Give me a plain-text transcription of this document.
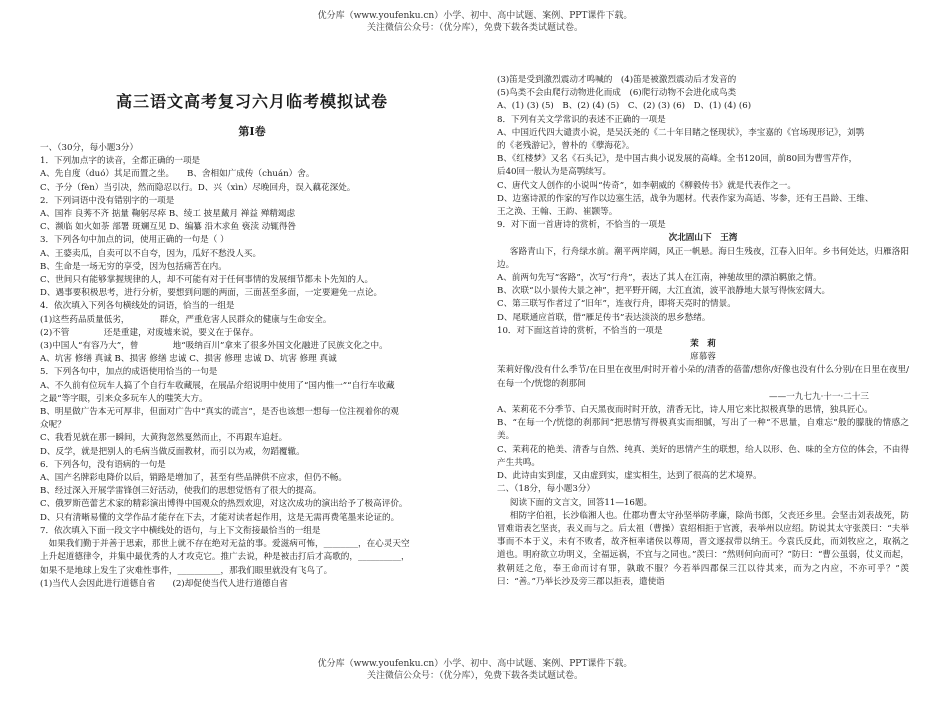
优分库（www.youfenku.cn）小学、初中、高中试题、案例、PPT课件下载。
关注微信公众号：（优分库），免费下载各类试题试卷。
高三语文高考复习六月临考模拟试卷
第Ⅰ卷
一、（30分，每小题3分）
1．下列加点字的读音，全都正确的一项是
A、先自度（duó）其足而置之坐。　　B、舍相如广成传（chuán）舍。
C、予分（fèn）当引决，然而隐忍以行。D、兴（xìn）尽晚回舟，误入藕花深处。
2．下列词语中没有错别字的一项是
A、国祚 良莠不齐 掂量 鞠躬尽瘁 B、绫工 披星戴月 禅益 殚精竭虑
C、濒临 如火如荼 部署 斑斓互见 D、编纂 沿木求鱼 亵渎 动辄得咎
3．下列各句中加点的词，使用正确的一句是（ ）
A、王婆卖瓜，自卖可以不自夸，因为，瓜好不愁没人买。
B、生命是一场无穷的享受，因为包括痛苦在内。
C、世间只有能够掌握规律的人，却不可能有对于任何事情的发展细节都未卜先知的人。
D、遇事要积极思考，进行分析，要想到问题的两面，三面甚至多面，一定要避免一点论。
4．依次填入下列各句横线处的词语，恰当的一组是
(1)这些药品质量低劣，　　　　群众，严重危害人民群众的健康与生命安全。
(2)不管　　　　还是重建，对废墟来说，要义在于保存。
(3)中国人“有容乃大”，曾　　　　地“吸纳百川”拿来了很多外国文化融进了民族文化之中。
A、坑害 修缮 真诚 B、损害 修缮 忠诚 C、损害 修理 忠诚 D、坑害 修理 真诚
5．下列各句中，加点的成语使用恰当的一句是
A、不久前有位玩车人搞了个自行车收藏展，在展品介绍说明中使用了“国内惟一”“自行车收藏
之最”等字眼，引来众多玩车人的嗤笑大方。
B、明星做广告本无可厚非，但面对广告中“真实的谎言”，是否也该想一想每一位注视着你的观
众呢？
C、我看见就在那一瞬间，大黄狗忽然戛然而止，不再跟车追赶。
D、反学，就是把别人的毛病当做反面教材，而引以为戒，勿蹈覆辙。
6．下列各句，没有语病的一句是
A、国产名牌彩电降价以后，销路是增加了，甚至有些品牌供不应求，但仍不畅。
B、经过深入开展学雷锋创三好活动，使我们的思想觉悟有了很大的提高。
C、俄罗斯芭蕾艺术家的精彩演出博得中国观众的热烈欢迎，对这次成功的演出给予了极高评价。
D、只有清晰易懂的文学作品才能存在下去，才能对读者起作用，这是无需再费笔墨来论证的。
7．依次填入下面一段文字中横线处的语句，与上下文衔接最恰当的一组是
　如果我们勤于并善于思索，那世上就不存在绝对无益的事。爱滋病可怖，________，在心灵天空
上升起道德律令，并集中最优秀的人才攻克它。推广去说，种是被击打后才高歌的，__________，
如果不是地球上发生了灾难性事件，__________，那我们眼里就没有飞鸟了。
(1)当代人会因此进行道德自省　　(2)却促使当代人进行道德自省
(3)笛是受到激烈震动才鸣喊的　(4)笛是被激烈震动后才发音的
(5)鸟类不会由爬行动物进化而成　(6)爬行动物不会进化成鸟类
A、(1) (3) (5)　B、(2) (4) (5)　C、(2) (3) (6)　D、(1) (4) (6)
8．下列有关文学常识的表述不正确的一项是
A、中国近代四大谴责小说，是吴沃尧的《二十年目睹之怪现状》，李宝嘉的《官场现形记》，刘鹗
的《老残游记》，曾朴的《孽海花》。
B、《红楼梦》又名《石头记》，是中国古典小说发展的高峰。全书120回，前80回为曹雪芹作，
后40回一般认为是高鹗续写。
C、唐代文人创作的小说叫“传奇”，如李朝威的《柳毅传书》就是代表作之一。
D、边塞诗派的作家的写作以边塞生活，战争为题材。代表作家为高适、岑参，还有王昌龄、王维、
王之涣、王翰、王韵、崔颢等。
9．对下面一首唐诗的赏析，不恰当的一项是
次北固山下　王湾
客路青山下，行舟绿水前。潮平两岸阔，风正一帆悬。海日生残夜，江春入旧年。乡书何处达，归雁洛阳边。
A、前两句先写“客路”，次写“行舟”，表达了其人在江南，神驰故里的漂泊羁旅之情。
B、次联“以小景传大景之神”，把平野开阔，大江直流，波平浪静地大景写得恢宏阔大。
C、第三联写作者过了“旧年”，连夜行舟，即将天亮时的情景。
D、尾联通应首联，借“雁足传书”表达淡淡的思乡愁绪。
10．对下面这首诗的赏析，不恰当的一项是
茉　莉
席慕蓉
茉莉好像/没有什么季节/在日里在夜里/时时开着小朵的/清香的蓓蕾/想你/好像也没有什么分别/在日里在夜里/在每一个/恍惚的刹那间
——一九七九·十一·二十三
A、茉莉花不分季节、白天黑夜而时时开放，清香无比，诗人用它来比拟极真挚的思情，独具匠心。
B、“在每一个/恍惚的刹那间”把思情写得极真实而细腻，写出了一种“不思量，自难忘”般的朦胧的情感之美。
C、茉莉花的艳美、清香与自然、纯真、美好的思情产生的联想，给人以形、色、味的全方位的体会，不由得产生共鸣。
D、此诗由实到虚，又由虚到实，虚实相生，达到了很高的艺术境界。
二、（18分，每小题3分）
阅读下面的文言文，回答11—16题。
相防字伯祖，长沙临湘人也。仕郡功曹太守孙坚举防孝廉，除尚书郎，父丧还乡里。会坚击刘表战死，防冒难诣表乞坚丧，表义而与之。后太祖（曹操）袁绍相拒于官渡，表举州以应绍。防说其太守张羡曰：“夫举事而不本于义，未有不败者，故齐桓率诸侯以尊周，晋文逐叔带以纳王。今袁氏反此，而刘牧应之，取祸之道也。明府欲立功明义，全福远祸，不宜与之同也。”羡曰：“然则何向而可？”防曰：“曹公虽弱，仗义而起，救朝廷之危，奉王命而讨有罪，孰敢不服？今若举四郡保三江以待其来，而为之内应，不亦可乎？”羡曰：“善。”乃举长沙及旁三郡以拒表，遣使诣
优分库（www.youfenku.cn）小学、初中、高中试题、案例、PPT课件下载。
关注微信公众号：（优分库），免费下载各类试题试卷。
